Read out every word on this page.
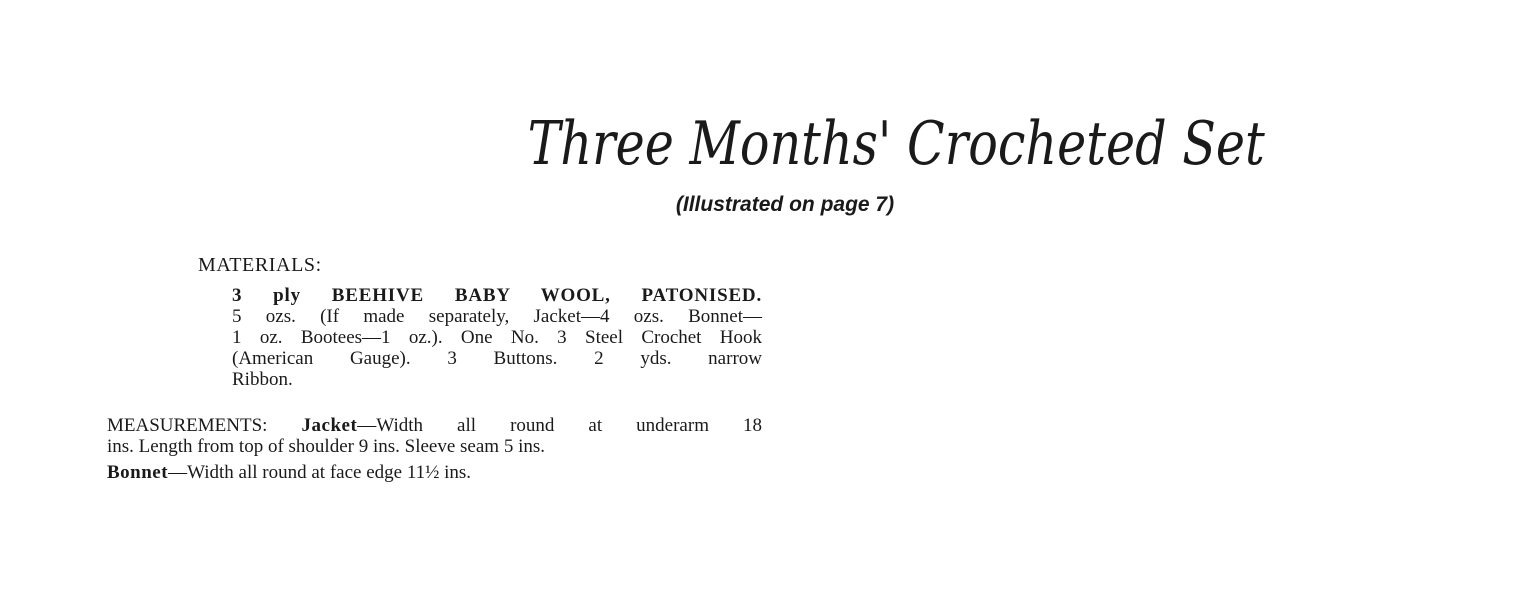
Three Months' Crocheted Set
(Illustrated on page 7)
MATERIALS:
3 ply BEEHIVE BABY WOOL, PATONISED.
5 ozs. (If made separately, Jacket—4 ozs. Bonnet—
1 oz. Bootees—1 oz.). One No. 3 Steel Crochet Hook
(American Gauge). 3 Buttons. 2 yds. narrow
Ribbon.
MEASUREMENTS: Jacket—Width all round at underarm 18
ins. Length from top of shoulder 9 ins. Sleeve seam 5 ins.
Bonnet—Width all round at face edge 11½ ins.
